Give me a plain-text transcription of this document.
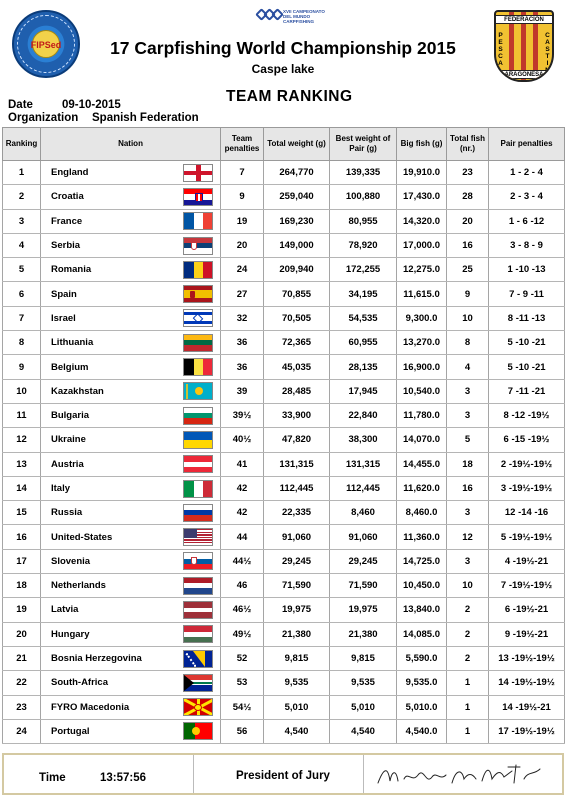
FIPSed
XVII CAMPEONATO DEL MUNDO CARPFISHING	FEDERACION
ARAGONESA
P
E
S
C
A
C
A
S
T
I
N
G
17 Carpfishing World Championship 2015
Caspe lake
TEAM RANKING
Date	09-10-2015
Organization Spanish Federation
Ranking	Nation		Team penalties	Total weight (g)	Best weight of Pair (g)	Big fish (g)	Total fish (nr.)	Pair penalties
1	England		7	264,770	139,335	19,910.0	23	1 - 2 - 4
2	Croatia		9	259,040	100,880	17,430.0	28	2 - 3 - 4
3	France		19	169,230	80,955	14,320.0	20	1 - 6 -12
4	Serbia		20	149,000	78,920	17,000.0	16	3 - 8 - 9
5	Romania		24	209,940	172,255	12,275.0	25	1 -10 -13
6	Spain		27	70,855	34,195	11,615.0	9	7 - 9 -11
7	Israel		32	70,505	54,535	9,300.0	10	8 -11 -13
8	Lithuania		36	72,365	60,955	13,270.0	8	5 -10 -21
9	Belgium		36	45,035	28,135	16,900.0	4	5 -10 -21
10	Kazakhstan		39	28,485	17,945	10,540.0	3	7 -11 -21
11	Bulgaria		39½	33,900	22,840	11,780.0	3	8 -12 -19½
12	Ukraine		40½	47,820	38,300	14,070.0	5	6 -15 -19½
13	Austria		41	131,315	131,315	14,455.0	18	2 -19½-19½
14	Italy		42	112,445	112,445	11,620.0	16	3 -19½-19½
15	Russia		42	22,335	8,460	8,460.0	3	12 -14 -16
16	United-States		44	91,060	91,060	11,360.0	12	5 -19½-19½
17	Slovenia		44½	29,245	29,245	14,725.0	3	4 -19½-21
18	Netherlands		46	71,590	71,590	10,450.0	10	7 -19½-19½
19	Latvia		46½	19,975	19,975	13,840.0	2	6 -19½-21
20	Hungary		49½	21,380	21,380	14,085.0	2	9 -19½-21
21	Bosnia Herzegovina		52	9,815	9,815	5,590.0	2	13 -19½-19½
22	South-Africa		53	9,535	9,535	9,535.0	1	14 -19½-19½
23	FYRO Macedonia		54½	5,010	5,010	5,010.0	1	14 -19½-21
24	Portugal		56	4,540	4,540	4,540.0	1	17 -19½-19½
Time	13:57:56	President of Jury
